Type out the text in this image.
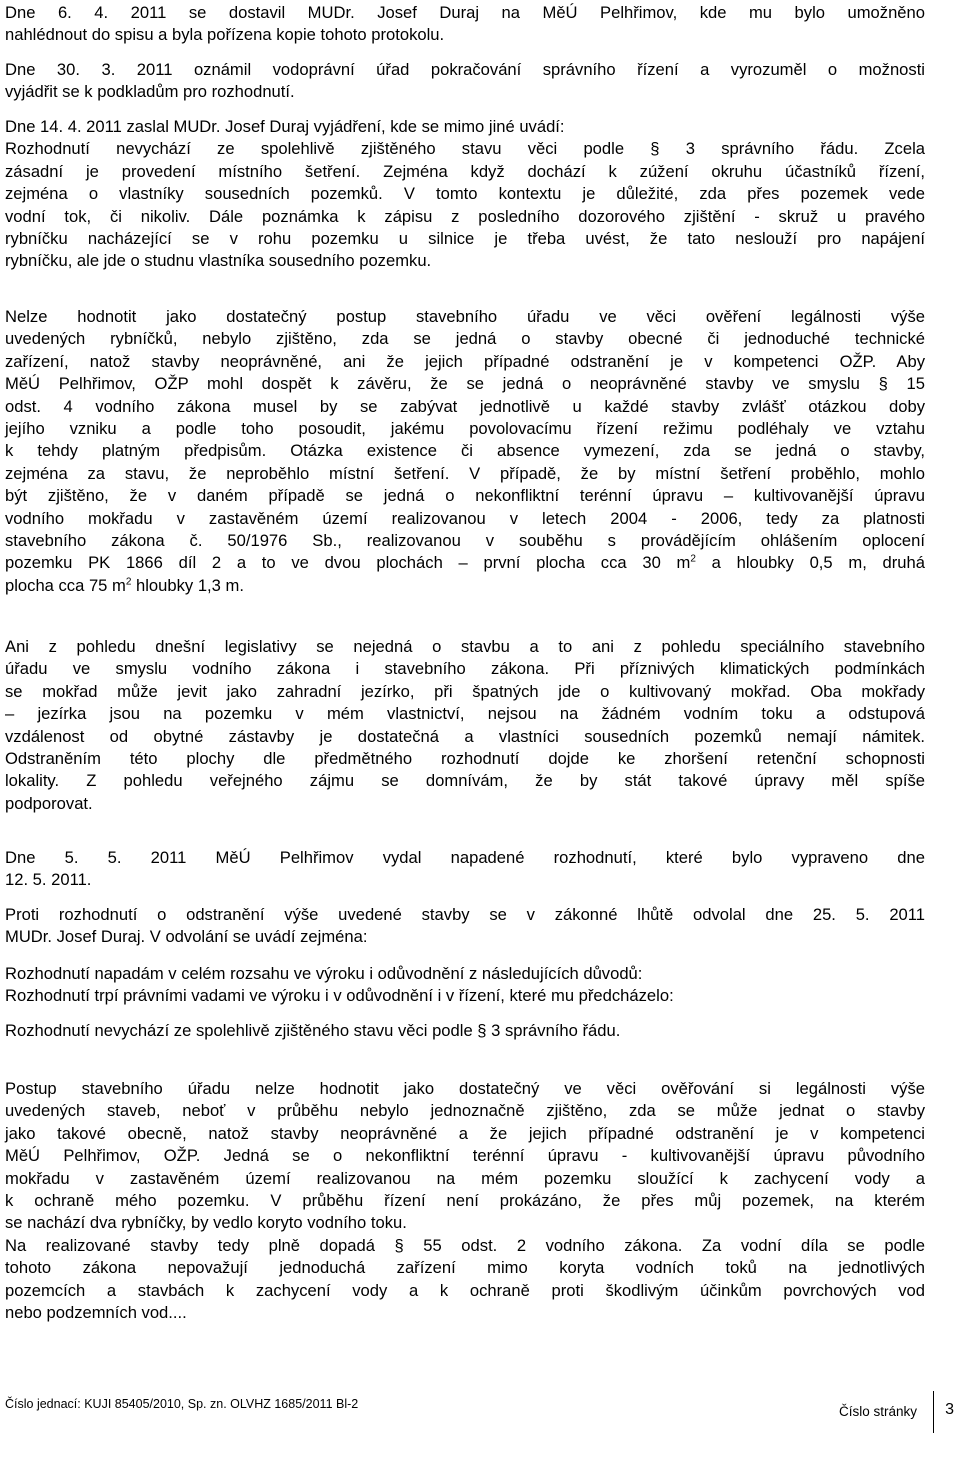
Dne 6. 4. 2011 se dostavil MUDr. Josef Duraj na MěÚ Pelhřimov, kde mu bylo umožněno
nahlédnout do spisu a byla pořízena kopie tohoto protokolu.

Dne 30. 3. 2011 oznámil vodoprávní úřad pokračování správního řízení a vyrozuměl o možnosti
vyjádřit se k podkladům pro rozhodnutí.

Dne 14. 4. 2011 zaslal MUDr. Josef Duraj vyjádření, kde se mimo jiné uvádí:
Rozhodnutí nevychází ze spolehlivě zjištěného stavu věci podle § 3 správního řádu. Zcela
zásadní je provedení místního šetření. Zejména když dochází k zúžení okruhu účastníků řízení,
zejména o vlastníky sousedních pozemků. V tomto kontextu je důležité, zda přes pozemek vede
vodní tok, či nikoliv. Dále poznámka k zápisu z posledního dozorového zjištění - skruž u pravého
rybníčku nacházející se v rohu pozemku u silnice je třeba uvést, že tato neslouží pro napájení
rybníčku, ale jde o studnu vlastníka sousedního pozemku.

Nelze hodnotit jako dostatečný postup stavebního úřadu ve věci ověření legálnosti výše
uvedených rybníčků, nebylo zjištěno, zda se jedná o stavby obecné či jednoduché technické
zařízení, natož stavby neoprávněné, ani že jejich případné odstranění je v kompetenci OŽP. Aby
MěÚ Pelhřimov, OŽP mohl dospět k závěru, že se jedná o neoprávněné stavby ve smyslu § 15
odst. 4 vodního zákona musel by se zabývat jednotlivě u každé stavby zvlášť otázkou doby
jejího vzniku a podle toho posoudit, jakému povolovacímu řízení režimu podléhaly ve vztahu
k tehdy platným předpisům. Otázka existence či absence vymezení, zda se jedná o stavby,
zejména za stavu, že neproběhlo místní šetření. V případě, že by místní šetření proběhlo, mohlo
být zjištěno, že v daném případě se jedná o nekonfliktní terénní úpravu – kultivovanější úpravu
vodního mokřadu v zastavěném území realizovanou v letech 2004 - 2006, tedy za platnosti
stavebního zákona č. 50/1976 Sb., realizovanou v souběhu s provádějícím ohlášením oplocení
pozemku PK 1866 díl 2 a to ve dvou plochách – první plocha cca 30 $m^2$ a hloubky 0,5 m, druhá
plocha cca 75 $m^2$ hloubky 1,3 m.

Ani z pohledu dnešní legislativy se nejedná o stavbu a to ani z pohledu speciálního stavebního
úřadu ve smyslu vodního zákona i stavebního zákona. Při příznivých klimatických podmínkách
se mokřad může jevit jako zahradní jezírko, při špatných jde o kultivovaný mokřad. Oba mokřady
– jezírka jsou na pozemku v mém vlastnictví, nejsou na žádném vodním toku a odstupová
vzdálenost od obytné zástavby je dostatečná a vlastníci sousedních pozemků nemají námitek.
Odstraněním této plochy dle předmětného rozhodnutí dojde ke zhoršení retenční schopnosti
lokality. Z pohledu veřejného zájmu se domnívám, že by stát takové úpravy měl spíše
podporovat.

Dne 5. 5. 2011 MěÚ Pelhřimov vydal napadené rozhodnutí, které bylo vypraveno dne
12. 5. 2011.

Proti rozhodnutí o odstranění výše uvedené stavby se v zákonné lhůtě odvolal dne 25. 5. 2011
MUDr. Josef Duraj. V odvolání se uvádí zejména:

Rozhodnutí napadám v celém rozsahu ve výroku i odůvodnění z následujících důvodů:
Rozhodnutí trpí právními vadami ve výroku i v odůvodnění i v řízení, které mu předcházelo:

Rozhodnutí nevychází ze spolehlivě zjištěného stavu věci podle § 3 správního řádu.

Postup stavebního úřadu nelze hodnotit jako dostatečný ve věci ověřování si legálnosti výše
uvedených staveb, neboť v průběhu nebylo jednoznačně zjištěno, zda se může jednat o stavby
jako takové obecně, natož stavby neoprávněné a že jejich případné odstranění je v kompetenci
MěÚ Pelhřimov, OŽP. Jedná se o nekonfliktní terénní úpravu - kultivovanější úpravu původního
mokřadu v zastavěném území realizovanou na mém pozemku sloužící k zachycení vody a
k ochraně mého pozemku. V průběhu řízení není prokázáno, že přes můj pozemek, na kterém
se nachází dva rybníčky, by vedlo koryto vodního toku.

Na realizované stavby tedy plně dopadá § 55 odst. 2 vodního zákona. Za vodní díla se podle
tohoto zákona nepovažují jednoduchá zařízení mimo koryta vodních toků na jednotlivých
pozemcích a stavbách k zachycení vody a k ochraně proti škodlivým účinkům povrchových vod
nebo podzemních vod....

Číslo jednací: KUJI 85405/2010, Sp. zn. OLVHZ 1685/2011 Bl-2	Číslo stránky 3
